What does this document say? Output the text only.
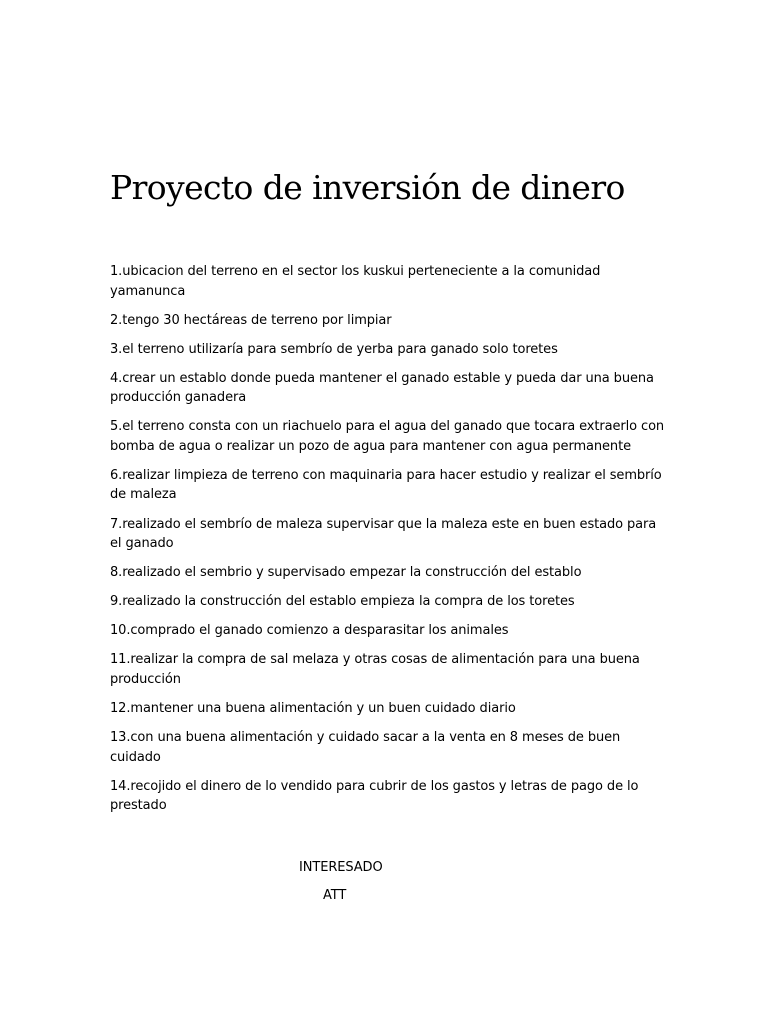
Proyecto de inversión de dinero
1.ubicacion del terreno en el sector los kuskui perteneciente a la comunidad yamanunca
2.tengo 30 hectáreas de terreno por limpiar
3.el terreno utilizaría para sembrío de yerba para ganado solo toretes
4.crear un establo donde pueda mantener el ganado estable y pueda dar una buena producción ganadera
5.el terreno consta con un riachuelo para el agua del ganado que tocara extraerlo con bomba de agua o realizar un pozo de agua para mantener con agua permanente
6.realizar limpieza de terreno con maquinaria para hacer estudio y realizar el sembrío de maleza
7.realizado el sembrío de maleza supervisar que la maleza este en buen estado para el ganado
8.realizado el sembrio y supervisado empezar la construcción del establo
9.realizado la construcción del establo empieza la compra de los toretes
10.comprado el ganado comienzo a desparasitar los animales
11.realizar la compra de sal melaza y otras cosas de alimentación para una buena producción
12.mantener una buena alimentación y un buen cuidado diario
13.con una buena alimentación y cuidado sacar a la venta en 8 meses de buen cuidado
14.recojido el dinero de lo vendido para cubrir de los gastos y letras de pago de lo prestado
INTERESADO
ATT
